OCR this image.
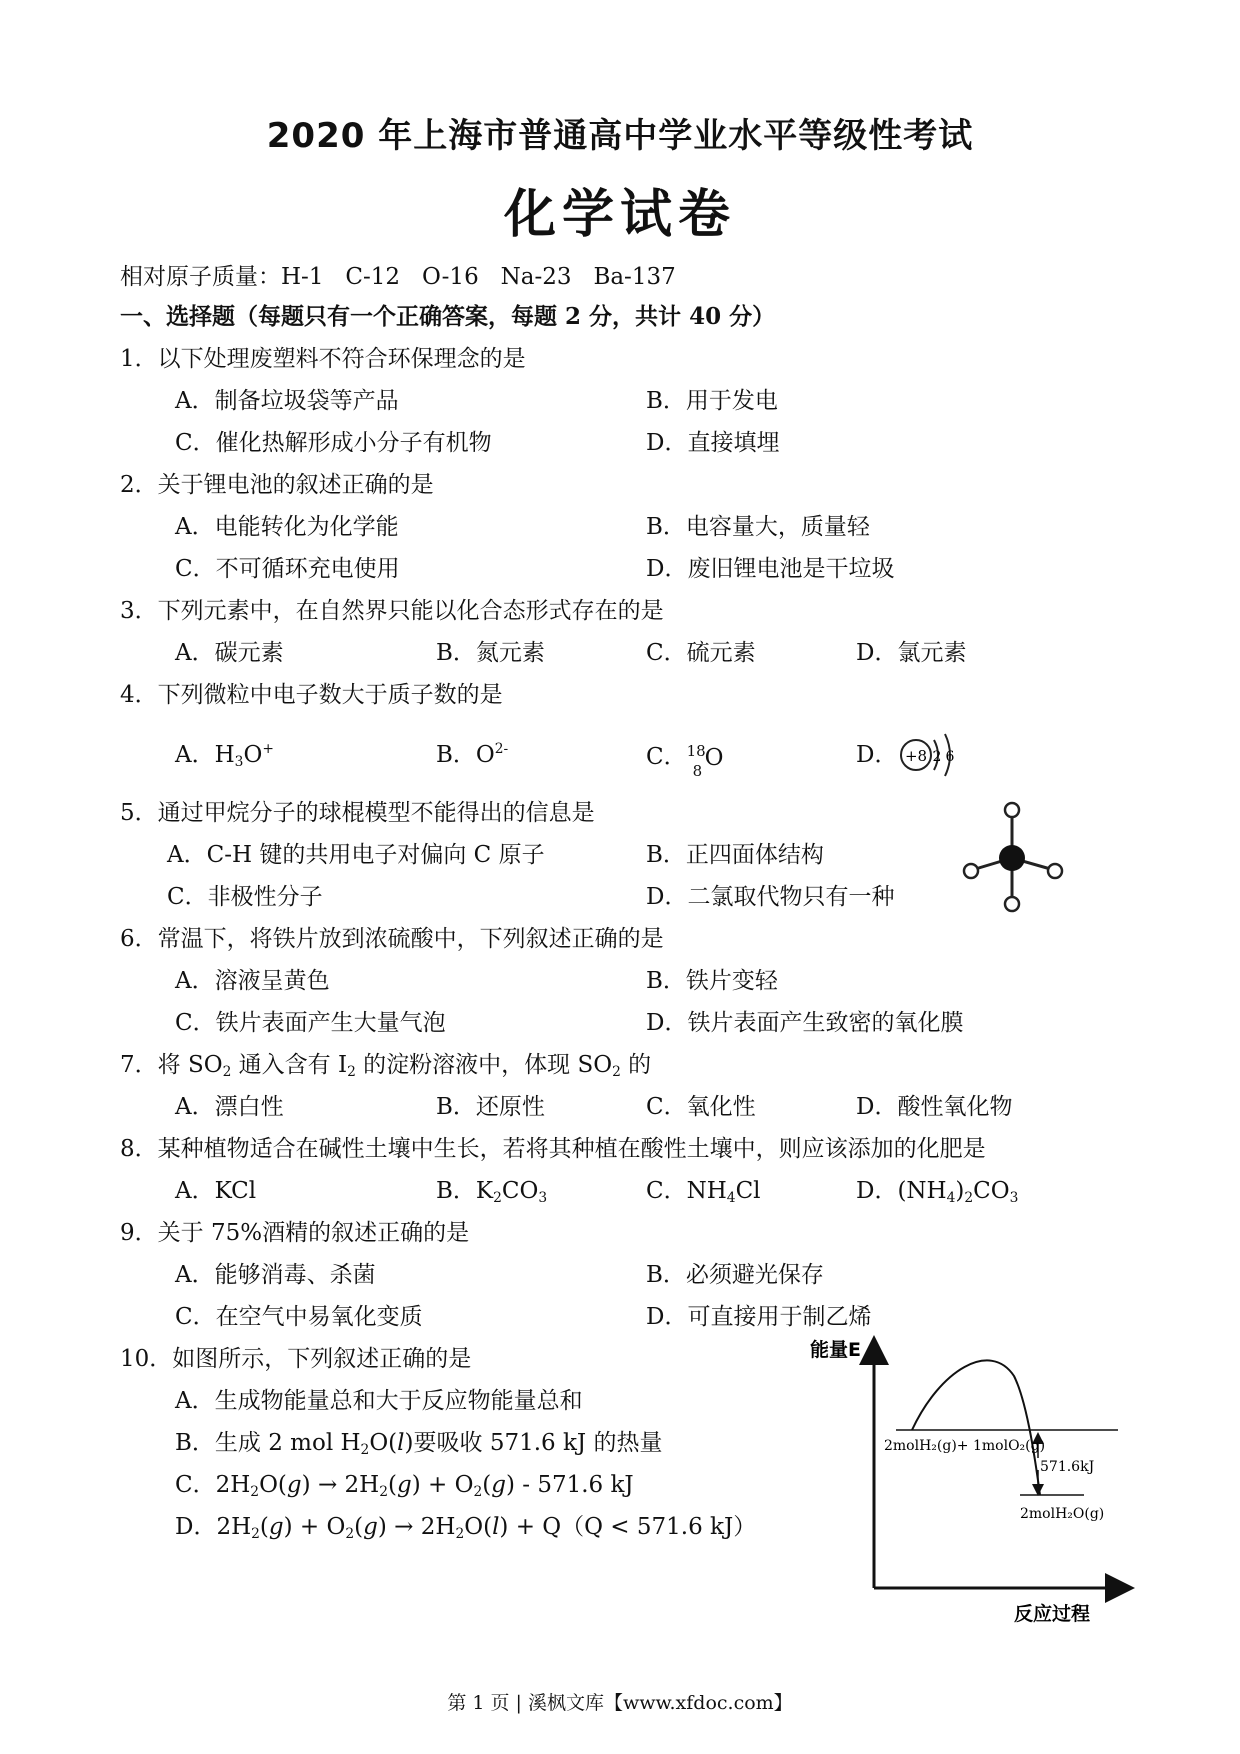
2020 年上海市普通高中学业水平等级性考试
化学试卷
相对原子质量：H-1   C-12   O-16   Na-23   Ba-137
一、选择题（每题只有一个正确答案，每题 2 分，共计 40 分）
1．以下处理废塑料不符合环保理念的是
A．制备垃圾袋等产品	B．用于发电
C．催化热解形成小分子有机物	D．直接填埋
2．关于锂电池的叙述正确的是
A．电能转化为化学能	B．电容量大，质量轻
C．不可循环充电使用	D．废旧锂电池是干垃圾
3．下列元素中，在自然界只能以化合态形式存在的是
A．碳元素	B．氮元素	C．硫元素	D．氯元素
4．下列微粒中电子数大于质子数的是
A．$H_3O^+$	B．$O^{2-}$	C． 18
8 O	D． +8 2 6
5．通过甲烷分子的球棍模型不能得出的信息是
A．C-H 键的共用电子对偏向 C 原子	B．正四面体结构
C．非极性分子	D．二氯取代物只有一种
6．常温下，将铁片放到浓硫酸中，下列叙述正确的是
A．溶液呈黄色	B．铁片变轻
C．铁片表面产生大量气泡	D．铁片表面产生致密的氧化膜
7．将 $SO_2$ 通入含有 $I_2$ 的淀粉溶液中，体现 $SO_2$ 的
A．漂白性	B．还原性	C．氧化性	D．酸性氧化物
8．某种植物适合在碱性土壤中生长，若将其种植在酸性土壤中，则应该添加的化肥是
A．KCl	B．$K_2CO_3$	C．$NH_4Cl$	D．$(NH_4)_2CO_3$
9．关于 75%酒精的叙述正确的是
A．能够消毒、杀菌	B．必须避光保存
C．在空气中易氧化变质	D．可直接用于制乙烯
10．如图所示，下列叙述正确的是
A．生成物能量总和大于反应物能量总和
B．生成 2 mol $H_2O(l)$要吸收 571.6 kJ 的热量
C．$2H_2O(g) \to 2H_2(g) + O_2(g) - 571.6$ kJ
D．$2H_2(g) + O_2(g) \to 2H_2O(l) + Q(Q < 571.6$ kJ）
能量E
反应过程
2molH₂(g)+ 1molO₂(g)
571.6kJ
2molH₂O(g)
第 1 页 | 溪枫文库【www.xfdoc.com】
